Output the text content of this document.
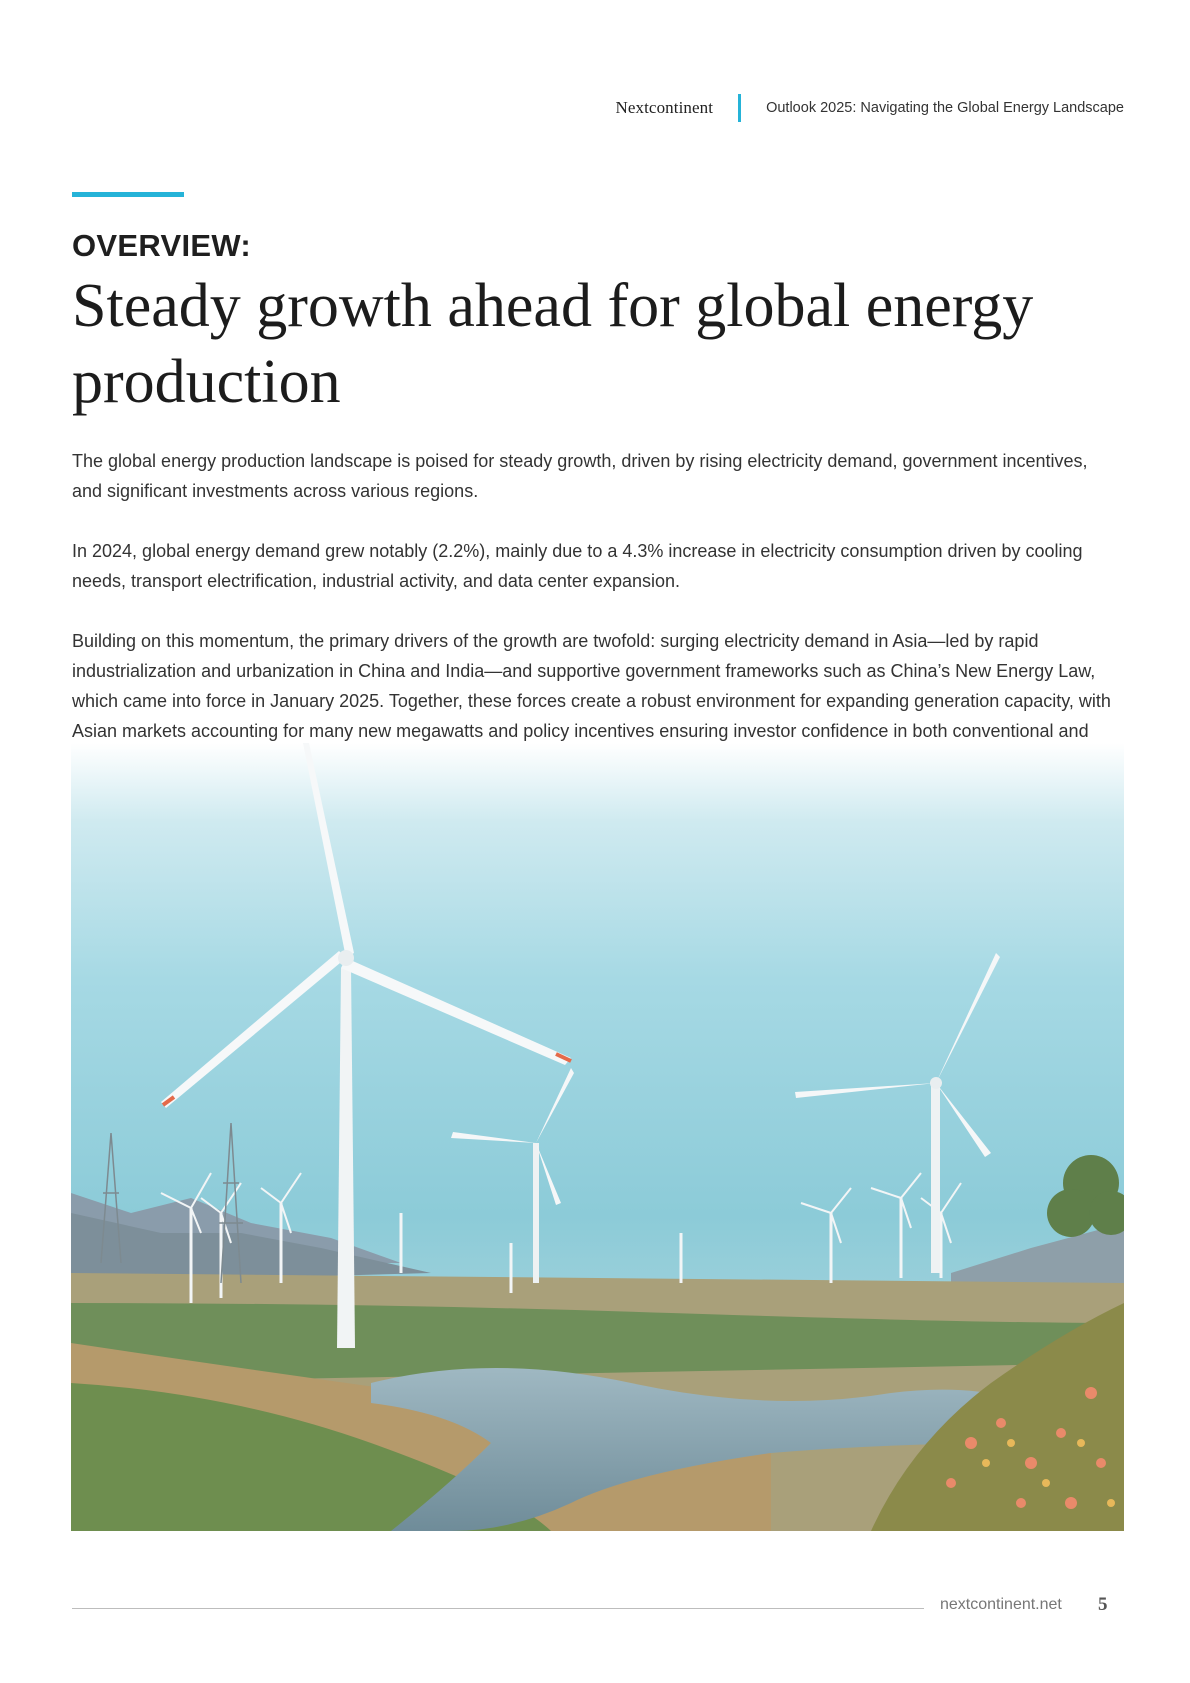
Nextcontinent	Outlook 2025: Navigating the Global Energy Landscape
OVERVIEW:
Steady growth ahead for global energy production

The global energy production landscape is poised for steady growth, driven by rising electricity demand, government incentives, and significant investments across various regions.

In 2024, global energy demand grew notably (2.2%), mainly due to a 4.3% increase in electricity consumption driven by cooling needs, transport electrification, industrial activity, and data center expansion.

Building on this momentum, the primary drivers of the growth are twofold: surging electricity demand in Asia—led by rapid industrialization and urbanization in China and India—and supportive government frameworks such as China’s New Energy Law, which came into force in January 2025. Together, these forces create a robust environment for expanding generation capacity, with Asian markets accounting for many new megawatts and policy incentives ensuring investor confidence in both conventional and

nextcontinent.net 5
